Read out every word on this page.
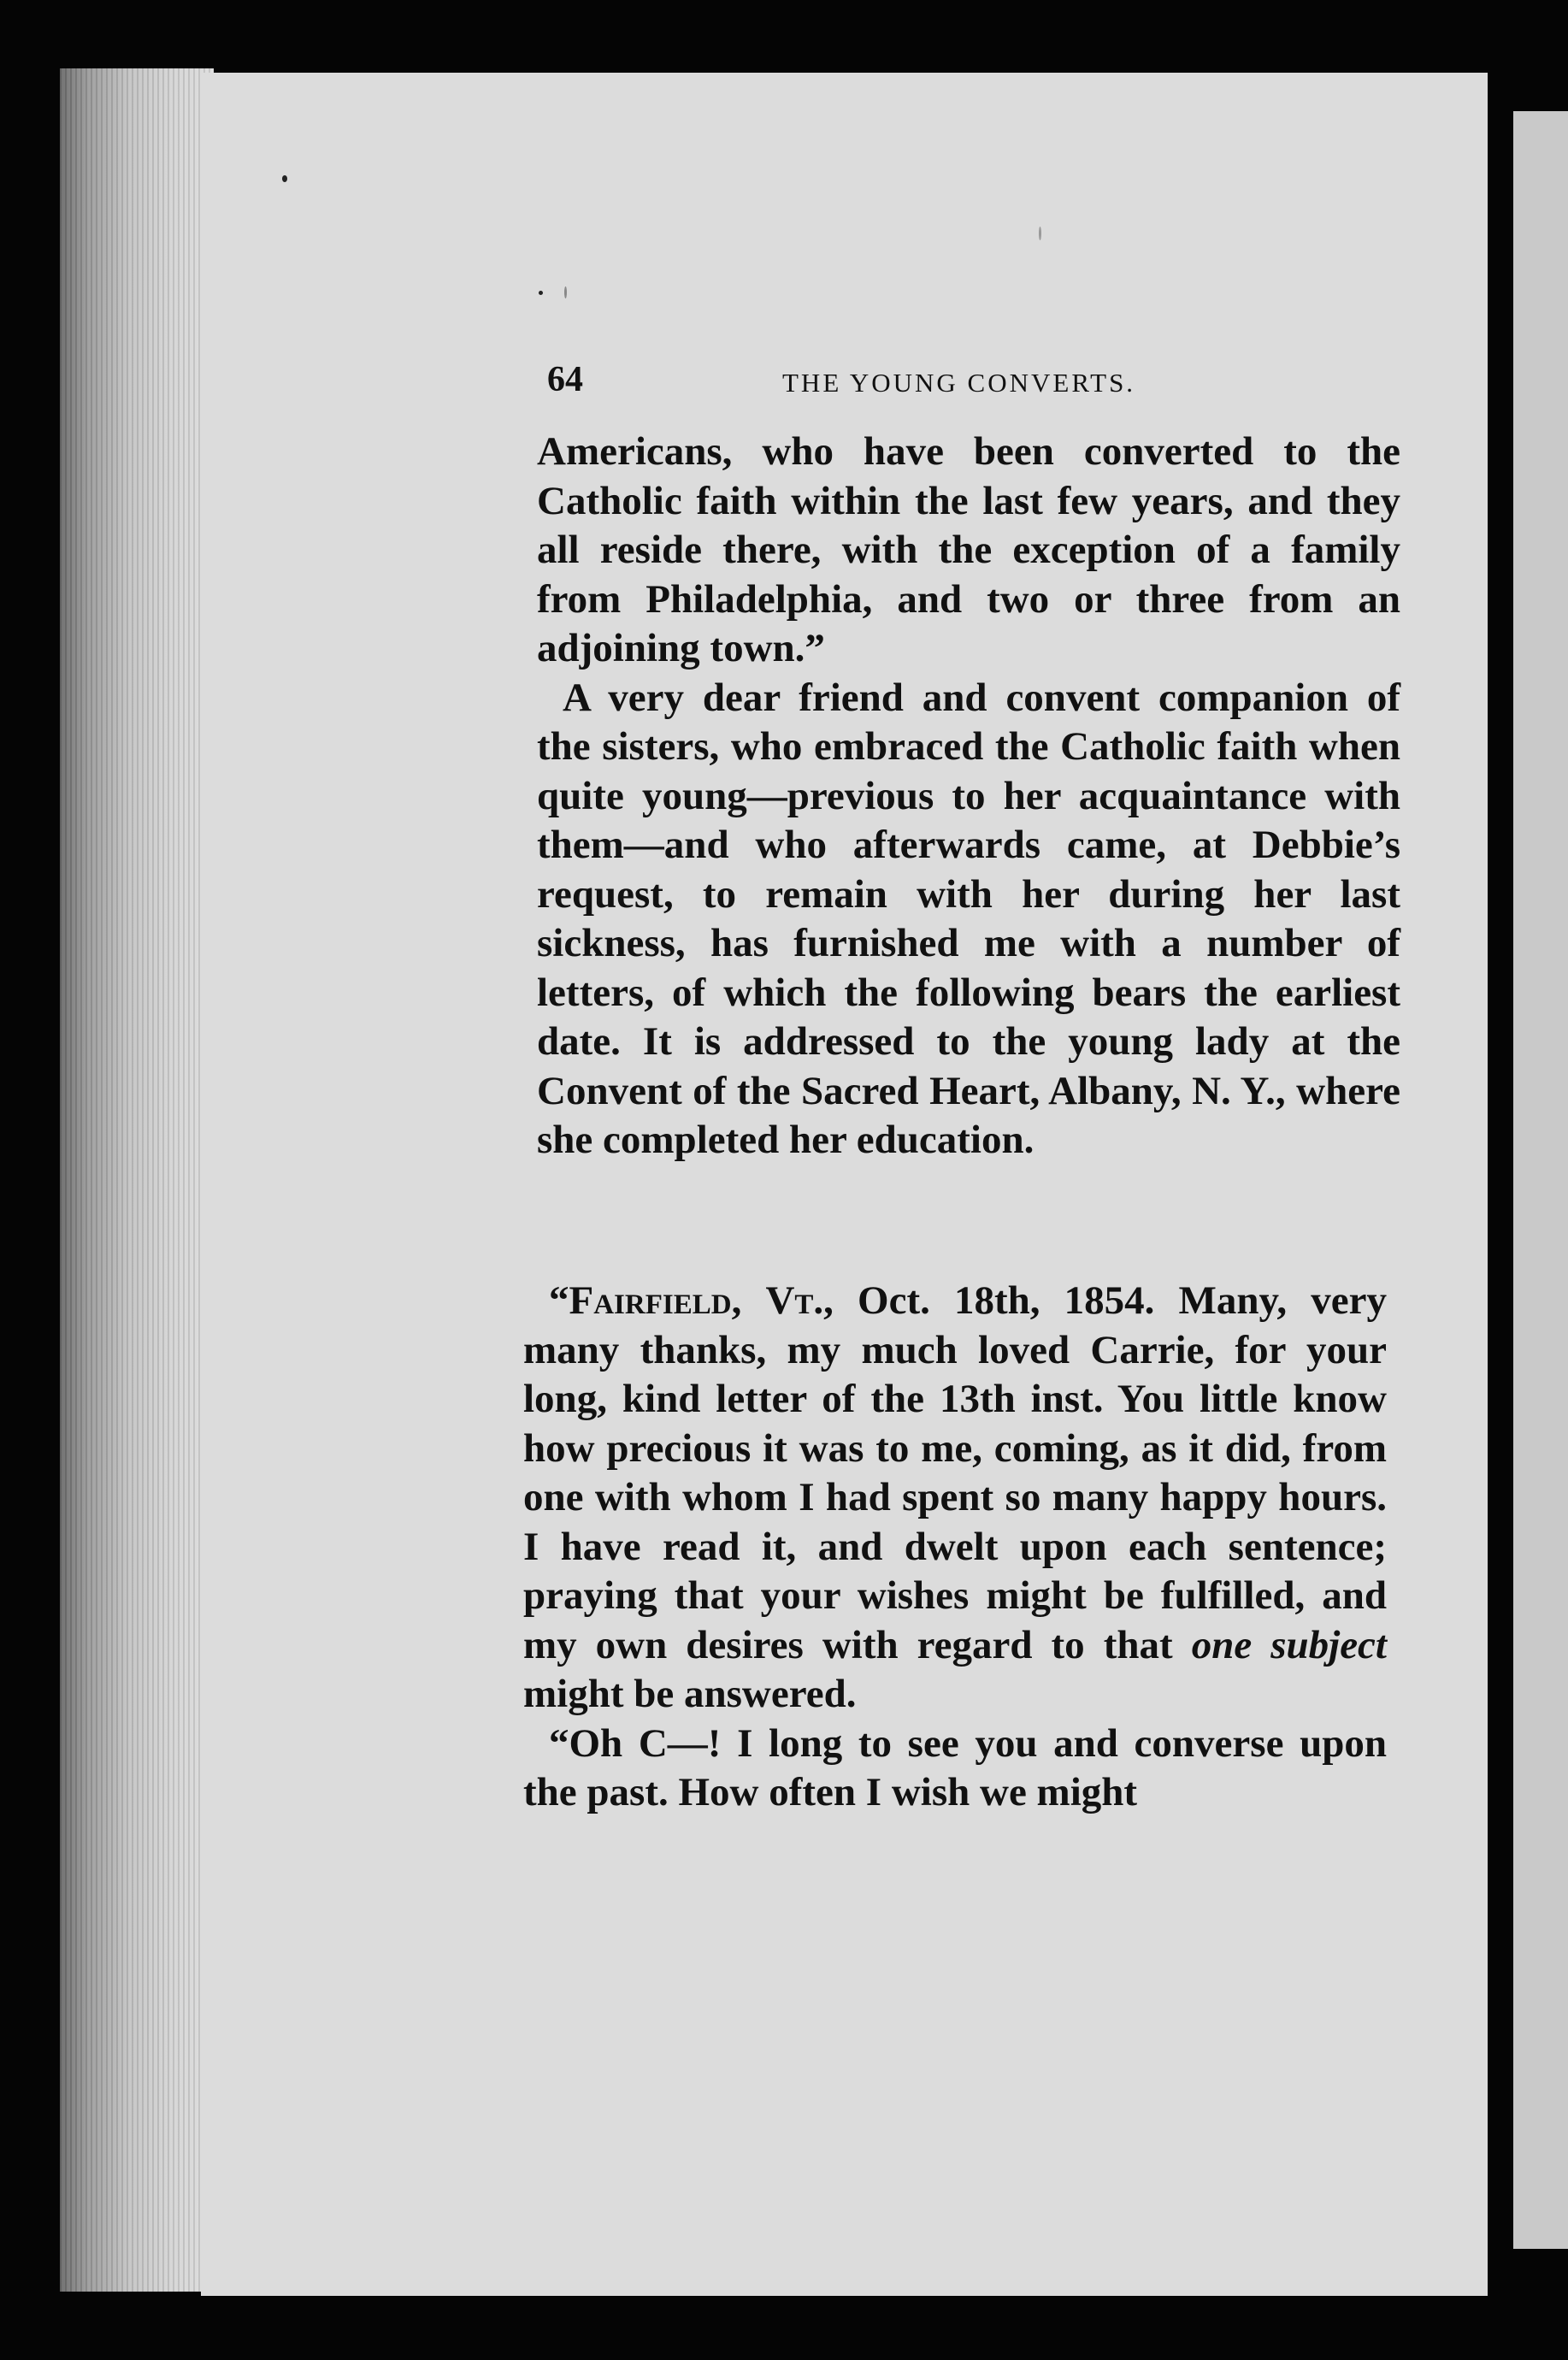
64	THE YOUNG CONVERTS.

Americans, who have been converted to the Catholic faith within the last few years, and they all reside there, with the exception of a family from Philadelphia, and two or three from an adjoining town.”

A very dear friend and convent companion of the sisters, who embraced the Catholic faith when quite young—previous to her acquaintance with them—and who afterwards came, at Debbie’s request, to remain with her during her last sickness, has furnished me with a number of letters, of which the following bears the earliest date. It is addressed to the young lady at the Convent of the Sacred Heart, Albany, N. Y., where she completed her education.

“Fairfield, Vt., Oct. 18th, 1854. Many, very many thanks, my much loved Carrie, for your long, kind letter of the 13th inst. You little know how precious it was to me, coming, as it did, from one with whom I had spent so many happy hours. I have read it, and dwelt upon each sentence; praying that your wishes might be fulfilled, and my own desires with regard to that one subject might be answered.

“Oh C—! I long to see you and converse upon the past. How often I wish we might
